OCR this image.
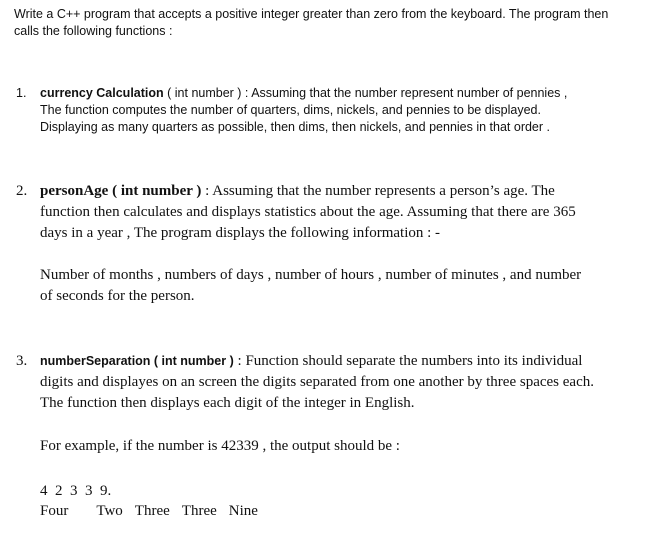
Write a C++ program that accepts a positive integer greater than zero from the keyboard. The program then
calls the following functions :
1. currency Calculation ( int number ) : Assuming that the number represent number of pennies ,
The function computes the number of quarters, dims, nickels, and pennies to be displayed.
Displaying as many quarters as possible, then dims, then nickels, and pennies in that order .
2. personAge ( int number ) : Assuming that the number represents a person’s age. The
function then calculates and displays statistics about the age. Assuming that there are 365
days in a year , The program displays the following information : -
Number of months , numbers of days , number of hours , number of minutes , and number
of seconds for the person.
3. numberSeparation ( int number ) : Function should separate the numbers into its individual
digits and displayes on an screen the digits separated from one another by three spaces each.
The function then displays each digit of the integer in English.
For example, if the number is 42339 , the output should be :
4  2  3  3  9.
Four Two Three Three Nine
